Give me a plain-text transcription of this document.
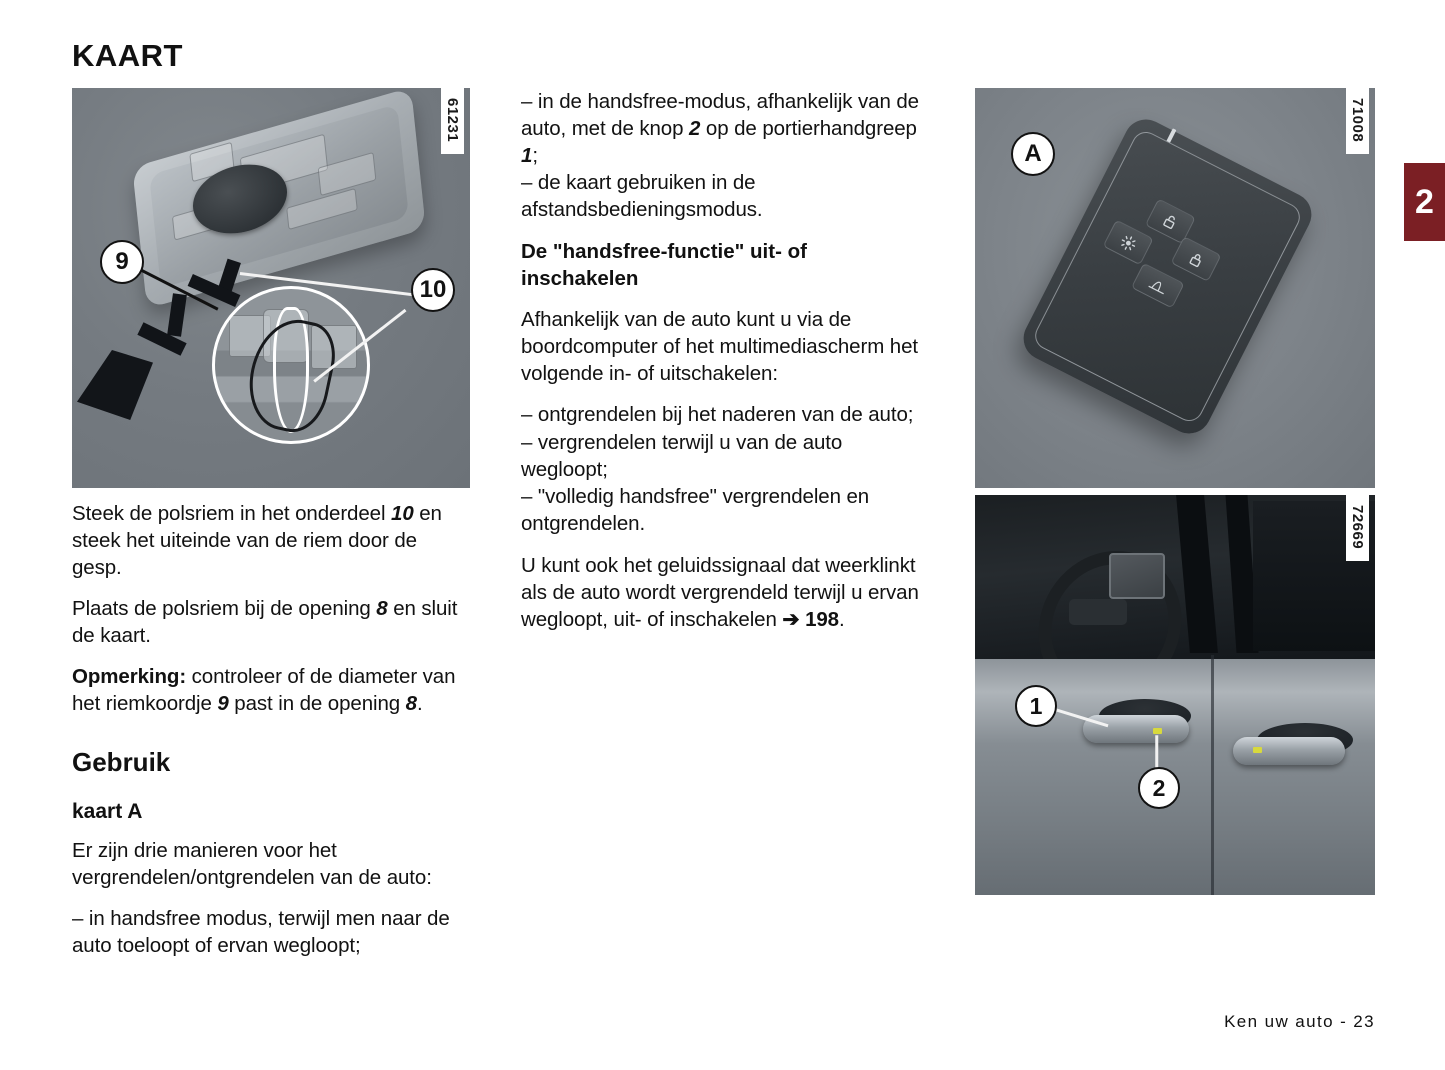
2
KAART
9
10
61231
A
71008
1
2
72669
Steek de polsriem in het onderdeel 10 en steek het uiteinde van de riem door de gesp.
Plaats de polsriem bij de opening 8 en sluit de kaart.
Opmerking: controleer of de diameter van het riemkoordje 9 past in de opening 8.
Gebruik
kaart A
Er zijn drie manieren voor het vergrendelen/ontgrendelen van de auto:
– in handsfree modus, terwijl men naar de auto toeloopt of ervan wegloopt;
– in de handsfree-modus, afhankelijk van de auto, met de knop 2 op de portierhandgreep 1;
– de kaart gebruiken in de afstandsbedieningsmodus.
De "handsfree-functie" uit- of inschakelen
Afhankelijk van de auto kunt u via de boordcomputer of het multimediascherm het volgende in- of uitschakelen:
– ontgrendelen bij het naderen van de auto;
– vergrendelen terwijl u van de auto wegloopt;
– "volledig handsfree" vergrendelen en ontgrendelen.
U kunt ook het geluidssignaal dat weerklinkt als de auto wordt vergrendeld terwijl u ervan wegloopt, uit- of inschakelen ➔ 198.
Ken uw auto - 23
